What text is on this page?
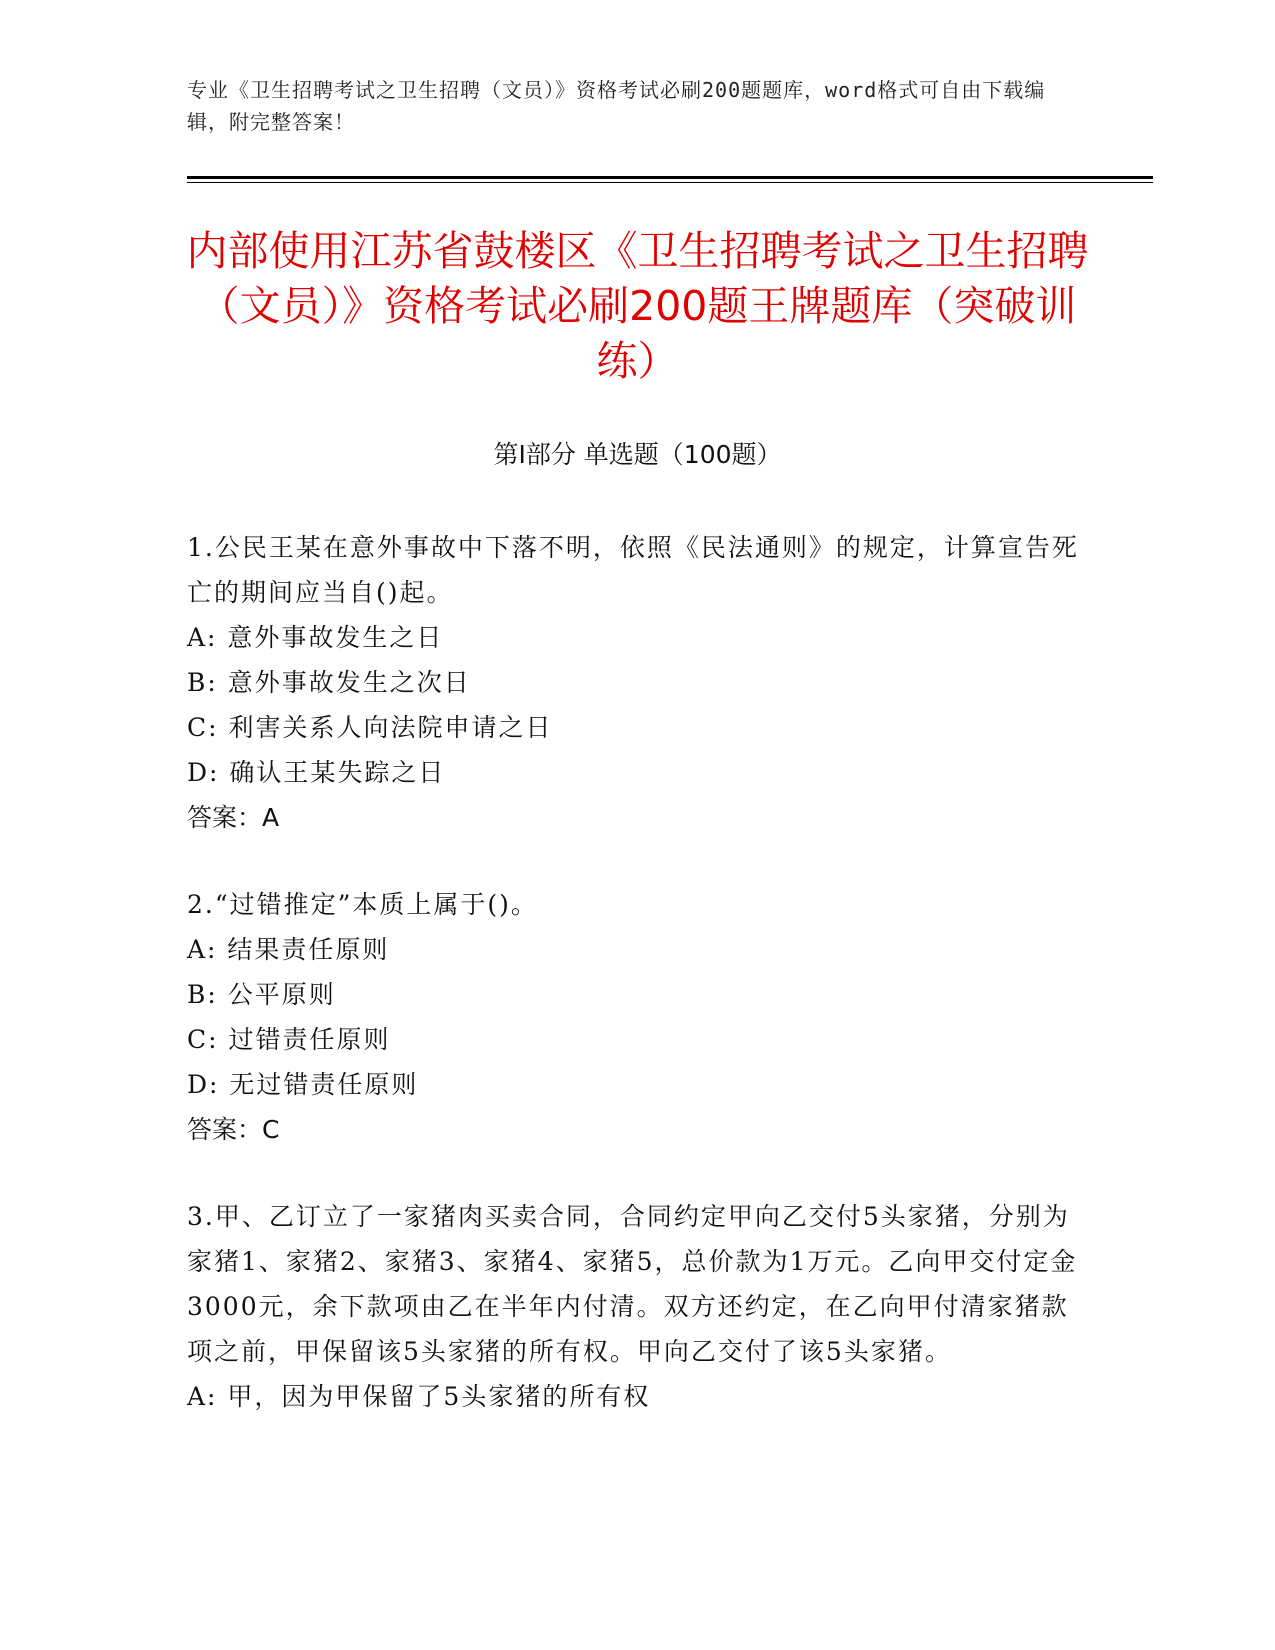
专业《卫生招聘考试之卫生招聘（文员）》资格考试必刷200题题库，word格式可自由下载编辑，附完整答案！
内部使用江苏省鼓楼区《卫生招聘考试之卫生招聘（文员）》资格考试必刷200题王牌题库（突破训练）
第Ⅰ部分 单选题（100题）

1.公民王某在意外事故中下落不明，依照《民法通则》的规定，计算宣告死亡的期间应当自()起。

A: 意外事故发生之日

B: 意外事故发生之次日

C: 利害关系人向法院申请之日

D: 确认王某失踪之日

答案：A

2.“过错推定”本质上属于()。

A: 结果责任原则

B: 公平原则

C: 过错责任原则

D: 无过错责任原则

答案：C

3.甲、乙订立了一家猪肉买卖合同，合同约定甲向乙交付5头家猪，分别为家猪1、家猪2、家猪3、家猪4、家猪5，总价款为1万元。乙向甲交付定金3000元，余下款项由乙在半年内付清。双方还约定，在乙向甲付清家猪款项之前，甲保留该5头家猪的所有权。甲向乙交付了该5头家猪。

A: 甲，因为甲保留了5头家猪的所有权
